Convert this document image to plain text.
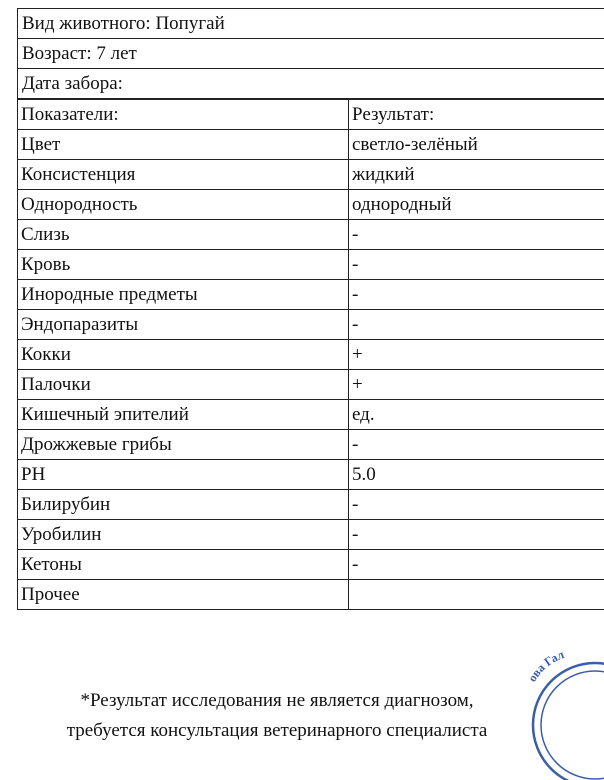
Вид животного: Попугай
Возраст: 7 лет
Дата забора:
Показатели:	Результат:
Цвет	светло-зелёный
Консистенция	жидкий
Однородность	однородный
Слизь	-
Кровь	-
Инородные предметы	-
Эндопаразиты	-
Кокки	+
Палочки	+
Кишечный эпителий	ед.
Дрожжевые грибы	-
PH	5.0
Билирубин	-
Уробилин	-
Кетоны	-
Прочее	
*Результат исследования не является диагнозом,
требуется консультация ветеринарного специалиста
ова Гал
